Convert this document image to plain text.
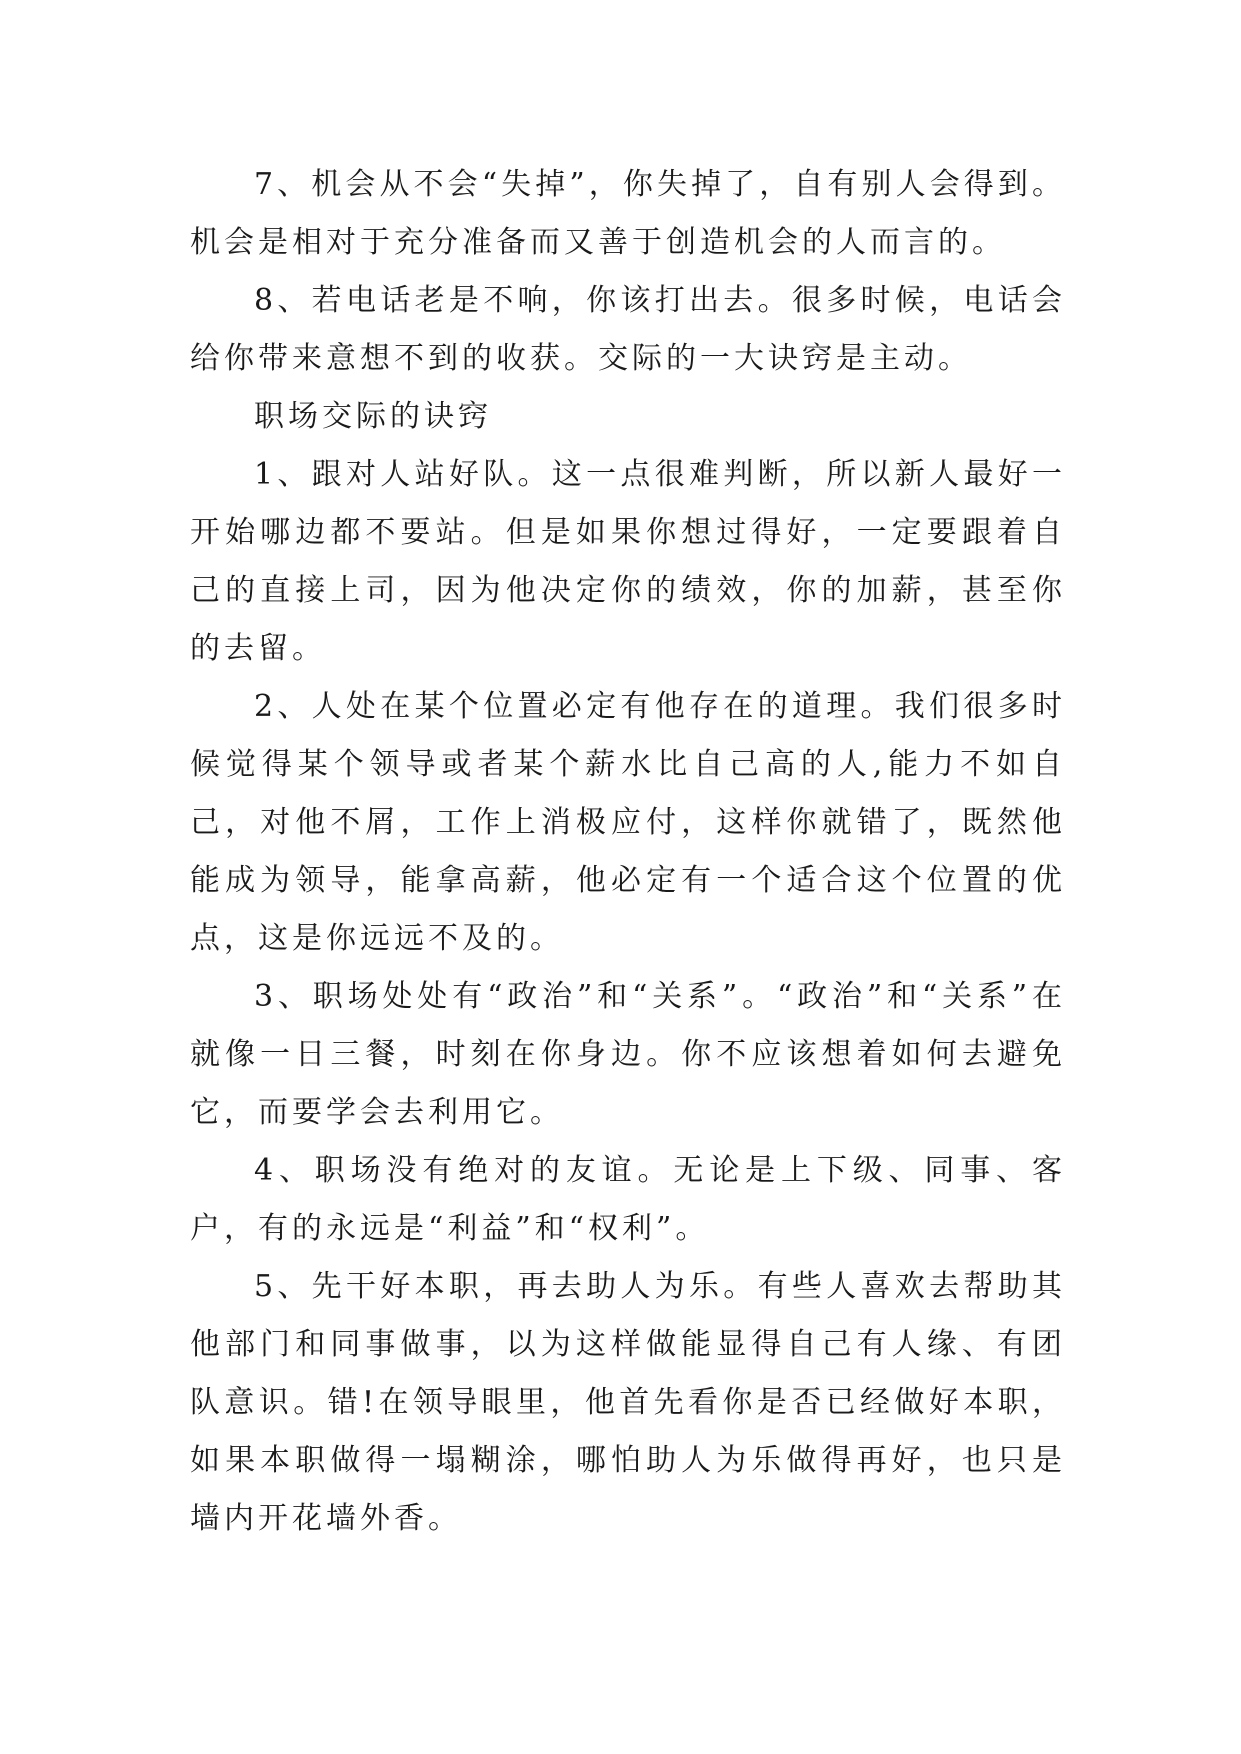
7、机会从不会“失掉”，你失掉了，自有别人会得到。机会是相对于充分准备而又善于创造机会的人而言的。

8、若电话老是不响，你该打出去。很多时候，电话会给你带来意想不到的收获。交际的一大诀窍是主动。

职场交际的诀窍

1、跟对人站好队。这一点很难判断，所以新人最好一开始哪边都不要站。但是如果你想过得好，一定要跟着自己的直接上司，因为他决定你的绩效，你的加薪，甚至你的去留。

2、人处在某个位置必定有他存在的道理。我们很多时候觉得某个领导或者某个薪水比自己高的人,能力不如自己，对他不屑，工作上消极应付，这样你就错了，既然他能成为领导，能拿高薪，他必定有一个适合这个位置的优点，这是你远远不及的。

3、职场处处有“政治”和“关系”。“政治”和“关系”在就像一日三餐，时刻在你身边。你不应该想着如何去避免它，而要学会去利用它。

4、职场没有绝对的友谊。无论是上下级、同事、客户，有的永远是“利益”和“权利”。

5、先干好本职，再去助人为乐。有些人喜欢去帮助其他部门和同事做事，以为这样做能显得自己有人缘、有团队意识。错!在领导眼里，他首先看你是否已经做好本职，如果本职做得一塌糊涂，哪怕助人为乐做得再好，也只是墙内开花墙外香。
